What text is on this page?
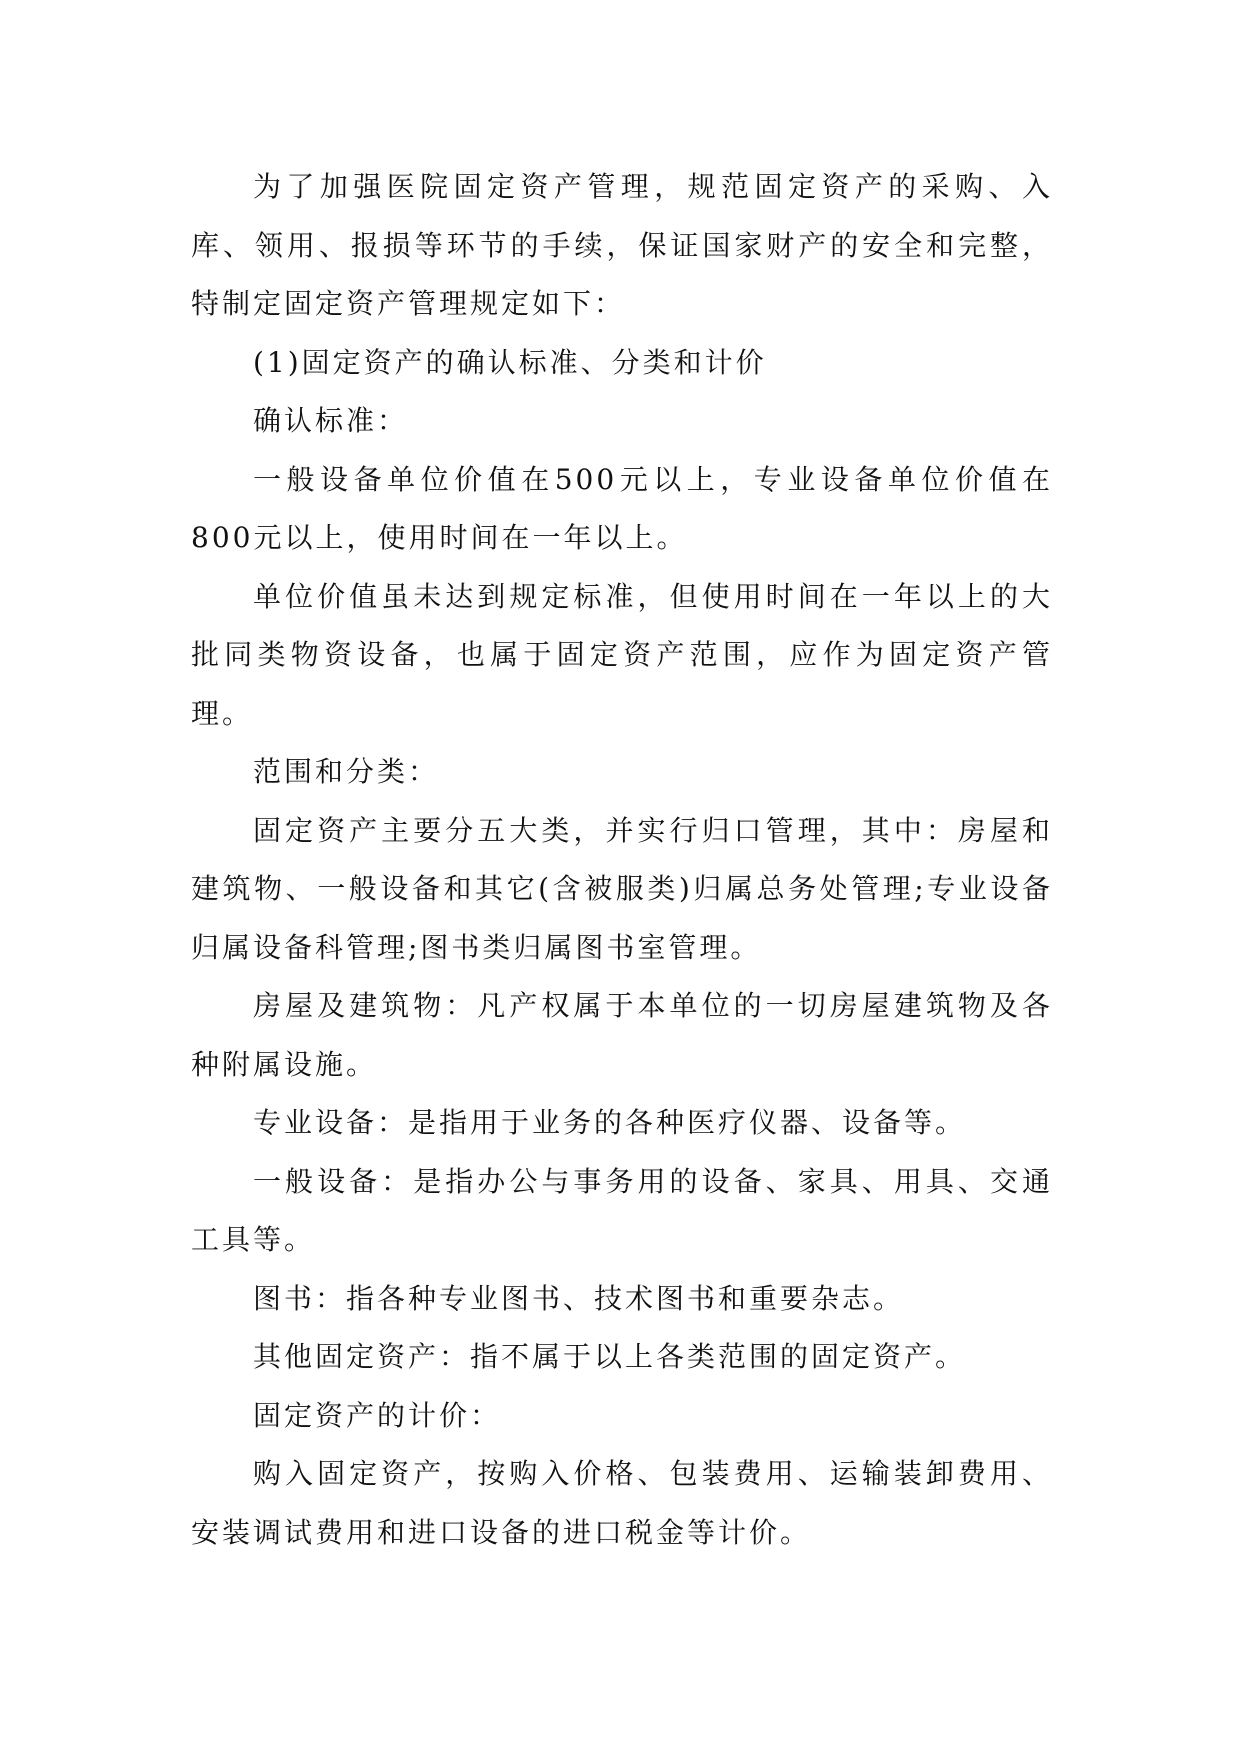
为了加强医院固定资产管理，规范固定资产的采购、入库、领用、报损等环节的手续，保证国家财产的安全和完整，特制定固定资产管理规定如下：

(1)固定资产的确认标准、分类和计价

确认标准：

一般设备单位价值在500元以上，专业设备单位价值在800元以上，使用时间在一年以上。

单位价值虽未达到规定标准，但使用时间在一年以上的大批同类物资设备，也属于固定资产范围，应作为固定资产管理。

范围和分类：

固定资产主要分五大类，并实行归口管理，其中：房屋和建筑物、一般设备和其它(含被服类)归属总务处管理;专业设备归属设备科管理;图书类归属图书室管理。

房屋及建筑物：凡产权属于本单位的一切房屋建筑物及各种附属设施。

专业设备：是指用于业务的各种医疗仪器、设备等。

一般设备：是指办公与事务用的设备、家具、用具、交通工具等。

图书：指各种专业图书、技术图书和重要杂志。

其他固定资产：指不属于以上各类范围的固定资产。

固定资产的计价：

购入固定资产，按购入价格、包装费用、运输装卸费用、安装调试费用和进口设备的进口税金等计价。
